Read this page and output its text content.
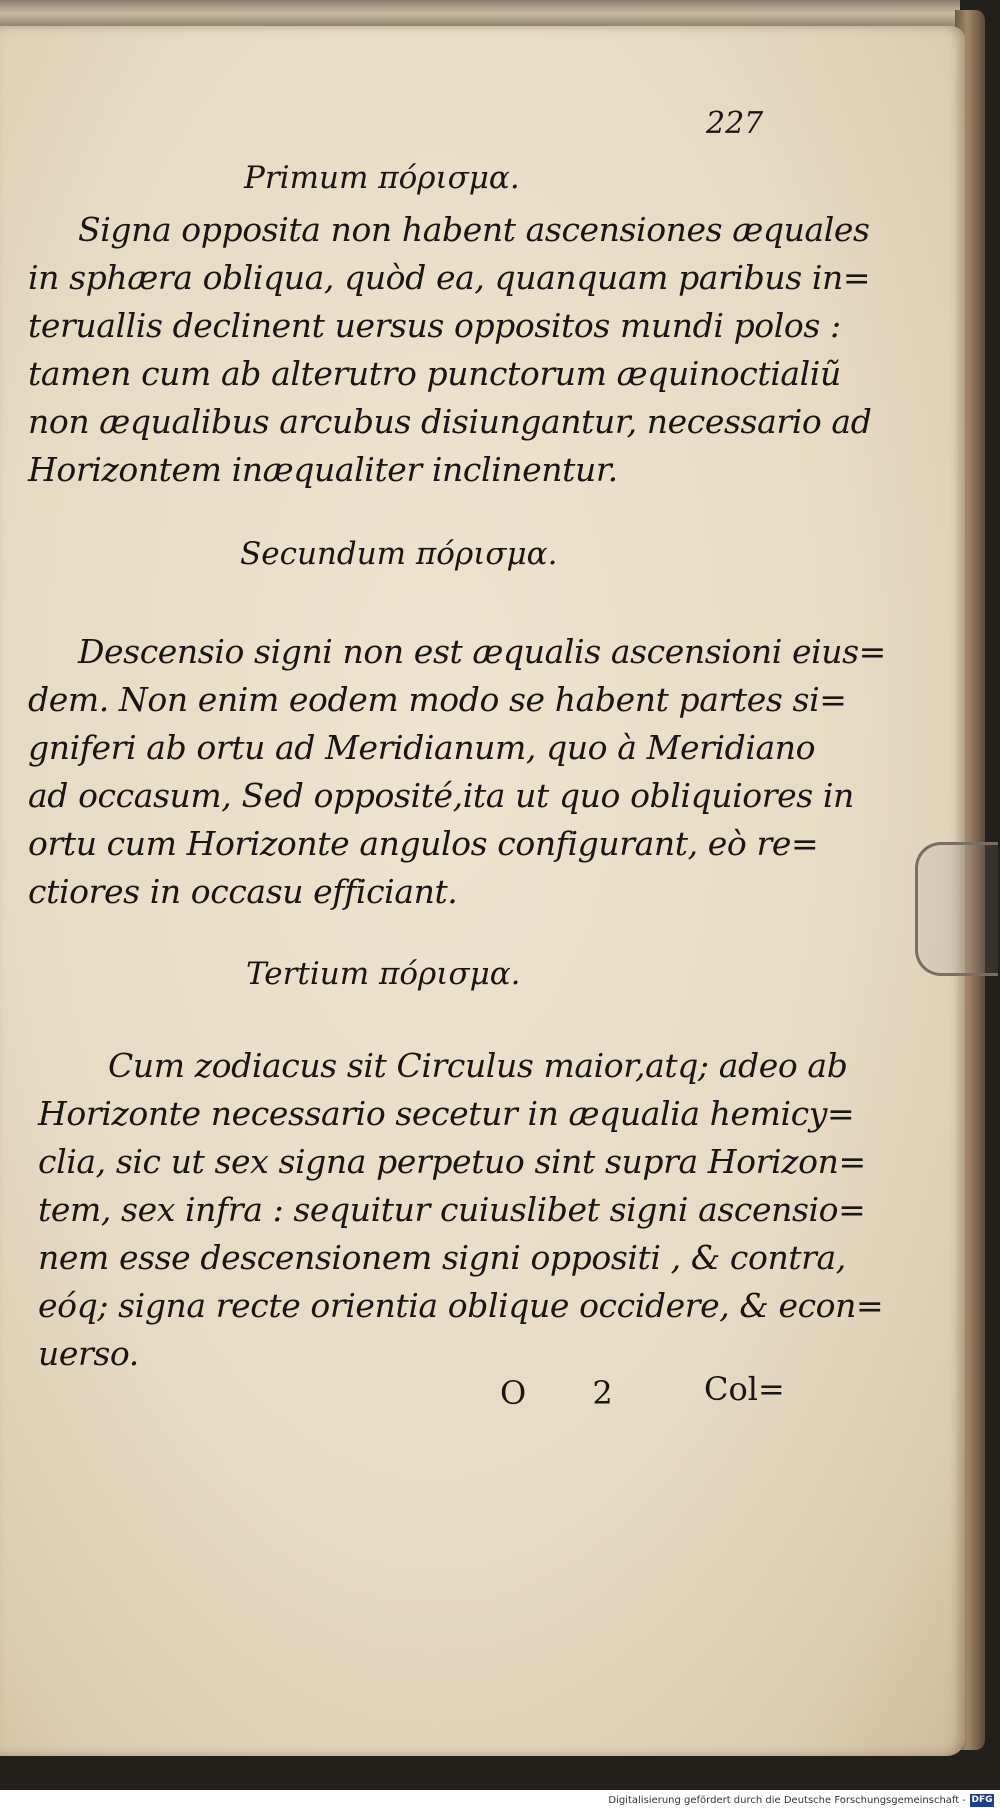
227
Primum πόρισμα.
Signa opposita non habent ascensiones æquales
in sphæra obliqua, quòd ea, quanquam paribus in=
teruallis declinent uersus oppositos mundi polos :
tamen cum ab alterutro punctorum æquinoctialiũ
non æqualibus arcubus disiungantur, necessario ad
Horizontem inæqualiter inclinentur.
Secundum πόρισμα.
Descensio signi non est æqualis ascensioni eius=
dem. Non enim eodem modo se habent partes si=
gniferi ab ortu ad Meridianum, quo à Meridiano
ad occasum, Sed opposité,ita ut quo obliquiores in
ortu cum Horizonte angulos configurant, eò re=
ctiores in occasu efficiant.
Tertium πόρισμα.
Cum zodiacus sit Circulus maior,atq; adeo ab
Horizonte necessario secetur in æqualia hemicy=
clia, sic ut sex signa perpetuo sint supra Horizon=
tem, sex infra : sequitur cuiuslibet signi ascensio=
nem esse descensionem signi oppositi , & contra,
eóq; signa recte orientia oblique occidere, & econ=
uerso.
O 2 Col=
Digitalisierung gefördert durch die Deutsche Forschungsgemeinschaft - DFG
